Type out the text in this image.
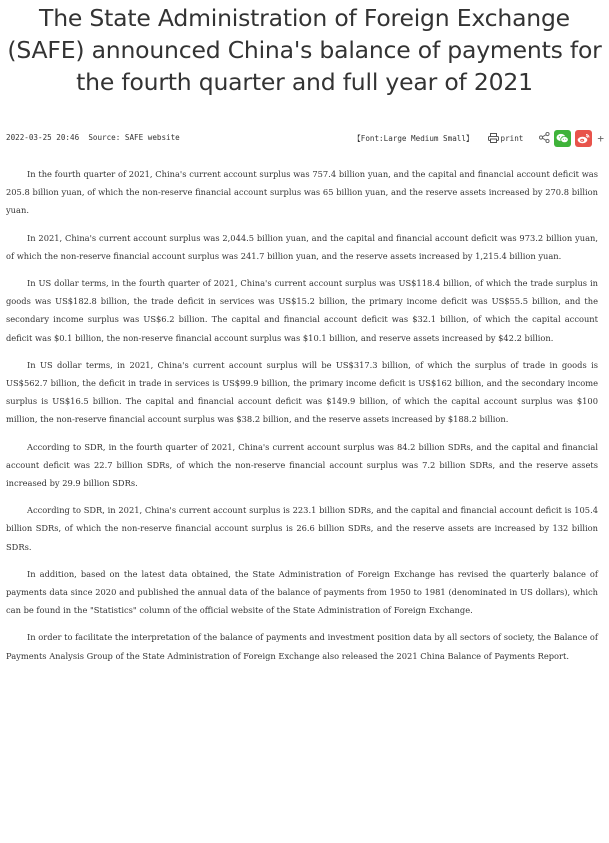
The State Administration of Foreign Exchange (SAFE) announced China's balance of payments for the fourth quarter and full year of 2021
2022-03-25 20:46 Source: SAFE website	【Font:Large Medium Small】	print	+

In the fourth quarter of 2021, China's current account surplus was 757.4 billion yuan, and the capital and financial account deficit was 205.8 billion yuan, of which the non-reserve financial account surplus was 65 billion yuan, and the reserve assets increased by 270.8 billion yuan.

In 2021, China's current account surplus was 2,044.5 billion yuan, and the capital and financial account deficit was 973.2 billion yuan, of which the non-reserve financial account surplus was 241.7 billion yuan, and the reserve assets increased by 1,215.4 billion yuan.

In US dollar terms, in the fourth quarter of 2021, China's current account surplus was US$118.4 billion, of which the trade surplus in goods was US$182.8 billion, the trade deficit in services was US$15.2 billion, the primary income deficit was US$55.5 billion, and the secondary income surplus was US$6.2 billion. The capital and financial account deficit was $32.1 billion, of which the capital account deficit was $0.1 billion, the non-reserve financial account surplus was $10.1 billion, and reserve assets increased by $42.2 billion.

In US dollar terms, in 2021, China's current account surplus will be US$317.3 billion, of which the surplus of trade in goods is US$562.7 billion, the deficit in trade in services is US$99.9 billion, the primary income deficit is US$162 billion, and the secondary income surplus is US$16.5 billion. The capital and financial account deficit was $149.9 billion, of which the capital account surplus was $100 million, the non-reserve financial account surplus was $38.2 billion, and the reserve assets increased by $188.2 billion.

According to SDR, in the fourth quarter of 2021, China's current account surplus was 84.2 billion SDRs, and the capital and financial account deficit was 22.7 billion SDRs, of which the non-reserve financial account surplus was 7.2 billion SDRs, and the reserve assets increased by 29.9 billion SDRs.

According to SDR, in 2021, China's current account surplus is 223.1 billion SDRs, and the capital and financial account deficit is 105.4 billion SDRs, of which the non-reserve financial account surplus is 26.6 billion SDRs, and the reserve assets are increased by 132 billion SDRs.

In addition, based on the latest data obtained, the State Administration of Foreign Exchange has revised the quarterly balance of payments data since 2020 and published the annual data of the balance of payments from 1950 to 1981 (denominated in US dollars), which can be found in the "Statistics" column of the official website of the State Administration of Foreign Exchange.

In order to facilitate the interpretation of the balance of payments and investment position data by all sectors of society, the Balance of Payments Analysis Group of the State Administration of Foreign Exchange also released the 2021 China Balance of Payments Report.
